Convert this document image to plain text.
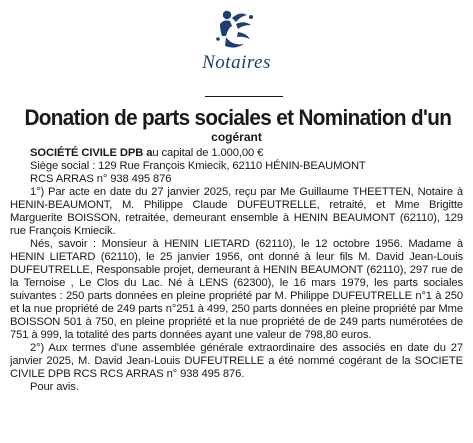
Notaires
Donation de parts sociales et Nomination d'un
cogérant

SOCIÉTÉ CIVILE DPB au capital de 1.000,00 €

Siège social : 129 Rue François Kmiecik, 62110 HÉNIN-BEAUMONT

RCS ARRAS n° 938 495 876

1°) Par acte en date du 27 janvier 2025, reçu par Me Guillaume THEETTEN, Notaire à HENIN-BEAUMONT, M. Philippe Claude DUFEUTRELLE, retraité, et Mme Brigitte Marguerite BOISSON, retraitée, demeurant ensemble à HENIN BEAUMONT (62110), 129 rue François Kmiecik.

Nés, savoir : Monsieur à HENIN LIETARD (62110), le 12 octobre 1956. Madame à HENIN LIETARD (62110), le 25 janvier 1956, ont donné à leur fils M. David Jean-Louis DUFEUTRELLE, Responsable projet, demeurant à HENIN BEAUMONT (62110), 297 rue de la Ternoise , Le Clos du Lac. Né à LENS (62300), le 16 mars 1979, les parts sociales suivantes : 250 parts données en pleine propriété par M. Philippe DUFEUTRELLE n°1 à 250 et la nue propriété de 249 parts n°251 à 499, 250 parts données en pleine propriété par Mme BOISSON 501 à 750, en pleine propriété et la nue propriété de de 249 parts numérotées de 751 à 999, la totalité des parts données ayant une valeur de 798,80 euros.

2°) Aux termes d'une assemblée générale extraordinaire des associés en date du 27 janvier 2025, M. David Jean-Louis DUFEUTRELLE a été nommé cogérant de la SOCIETE CIVILE DPB RCS RCS ARRAS n° 938 495 876.

Pour avis.
